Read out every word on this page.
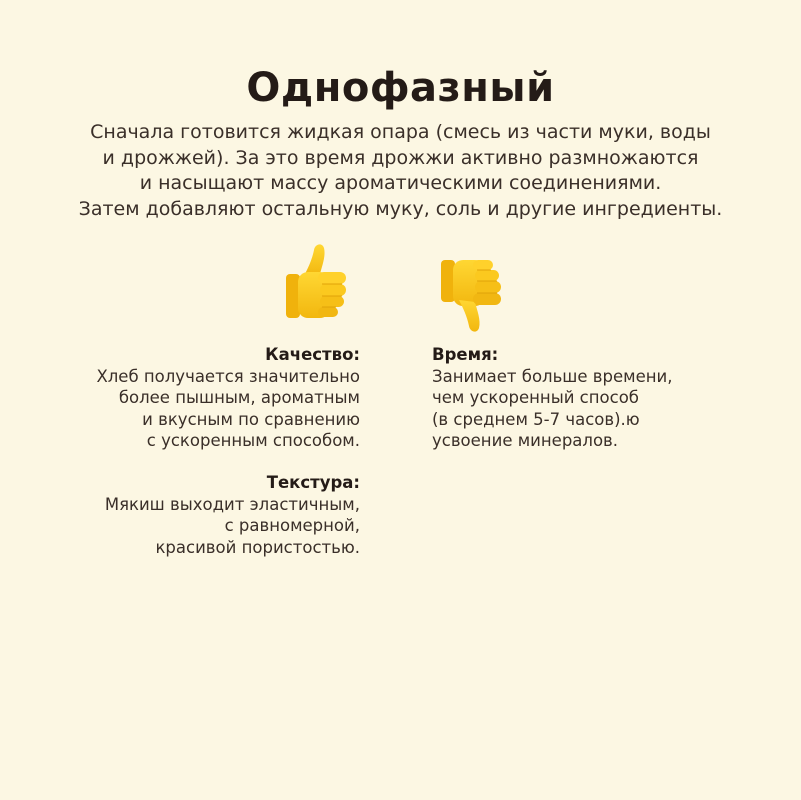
Однофазный
Сначала готовится жидкая опара (смесь из части муки, воды
и дрожжей). За это время дрожжи активно размножаются
и насыщают массу ароматическими соединениями.
Затем добавляют остальную муку, соль и другие ингредиенты.
Качество:
Хлеб получается значительно
более пышным, ароматным
и вкусным по сравнению
с ускоренным способом.
Текстура:
Мякиш выходит эластичным,
с равномерной,
красивой пористостью.
Время:
Занимает больше времени,
чем ускоренный способ
(в среднем 5-7 часов).ю
усвоение минералов.
